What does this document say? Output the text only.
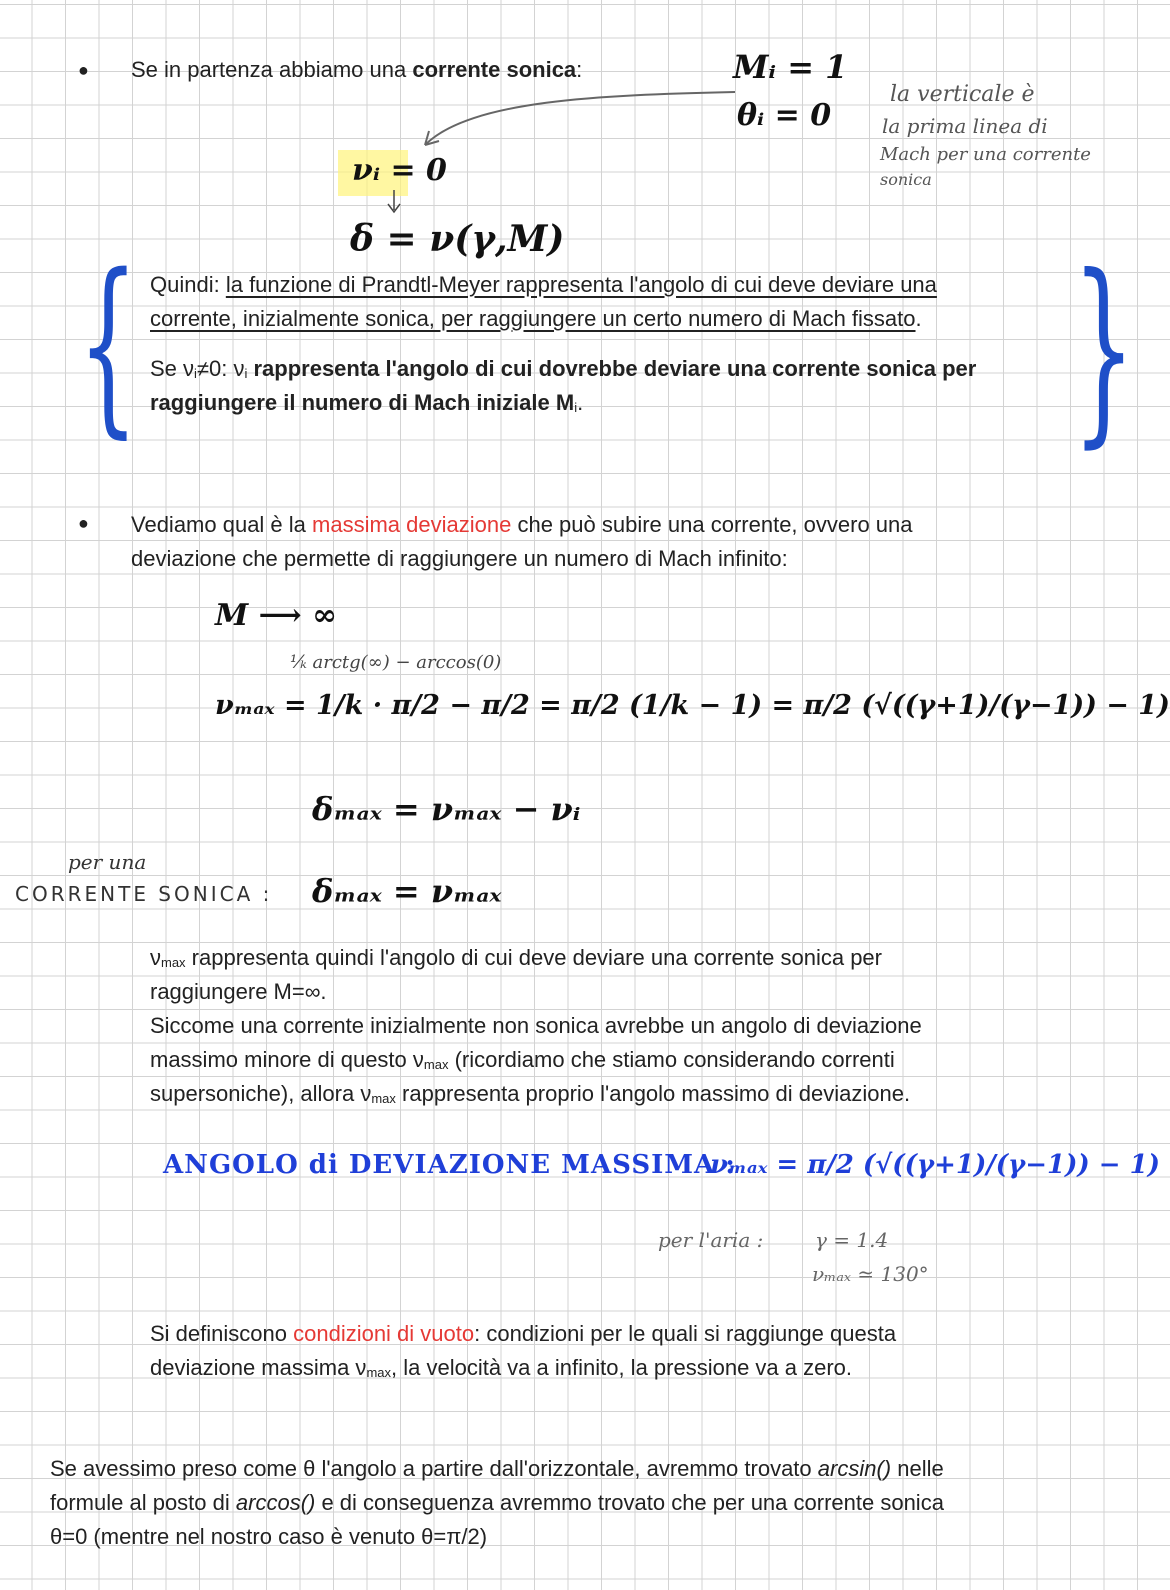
● Se in partenza abbiamo una corrente sonica:	Mᵢ = 1
θᵢ = 0
la verticale è
la prima linea di
Mach per una corrente
sonica
νᵢ = 0
δ = ν(γ,M)
{	}
Quindi: la funzione di Prandtl-Meyer rappresenta l'angolo di cui deve deviare una
corrente, inizialmente sonica, per raggiungere un certo numero di Mach fissato.
Se $\nu_i\ne 0$: $\nu_i$ rappresenta l'angolo di cui dovrebbe deviare una corrente sonica per
raggiungere il numero di Mach iniziale $M_i$.
● Vediamo qual è la massima deviazione che può subire una corrente, ovvero una
deviazione che permette di raggiungere un numero di Mach infinito:
M ⟶ ∞
¹⁄ₖ arctg(∞) − arccos(0)
νₘₐₓ = 1/k · π/2 − π/2 = π/2 (1/k − 1) = π/2 (√((γ+1)/(γ−1)) − 1)
δₘₐₓ = νₘₐₓ − νᵢ
per una
CORRENTE SONICA : δₘₐₓ = νₘₐₓ
$\nu_{max}$ rappresenta quindi l'angolo di cui deve deviare una corrente sonica per
raggiungere M=∞.
Siccome una corrente inizialmente non sonica avrebbe un angolo di deviazione
massimo minore di questo $\nu_{max}$ (ricordiamo che stiamo considerando correnti
supersoniche), allora $\nu_{max}$ rappresenta proprio l'angolo massimo di deviazione.
ANGOLO di DEVIAZIONE MASSIMA :
νₘₐₓ = π/2 (√((γ+1)/(γ−1)) − 1)
per l'aria :	γ = 1.4
νₘₐₓ ≃ 130°
Si definiscono condizioni di vuoto: condizioni per le quali si raggiunge questa
deviazione massima $\nu_{max}$, la velocità va a infinito, la pressione va a zero.
Se avessimo preso come θ l'angolo a partire dall'orizzontale, avremmo trovato arcsin() nelle
formule al posto di arccos() e di conseguenza avremmo trovato che per una corrente sonica
θ=0 (mentre nel nostro caso è venuto θ=π/2)
